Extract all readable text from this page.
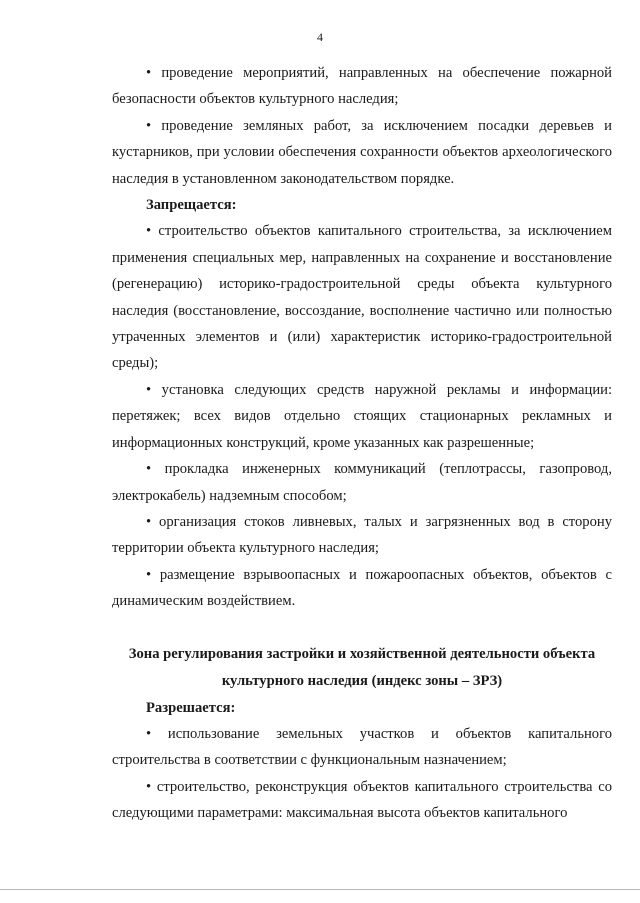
4

• проведение мероприятий, направленных на обеспечение пожарной безопасности объектов культурного наследия;

• проведение земляных работ, за исключением посадки деревьев и кустарников, при условии обеспечения сохранности объектов археологического наследия в установленном законодательством порядке.

Запрещается:

• строительство объектов капитального строительства, за исключением применения специальных мер, направленных на сохранение и восстановление (регенерацию) историко-градостроительной среды объекта культурного наследия (восстановление, воссоздание, восполнение частично или полностью утраченных элементов и (или) характеристик историко-градостроительной среды);

• установка следующих средств наружной рекламы и информации: перетяжек; всех видов отдельно стоящих стационарных рекламных и информационных конструкций, кроме указанных как разрешенные;

• прокладка инженерных коммуникаций (теплотрассы, газопровод, электрокабель) надземным способом;

• организация стоков ливневых, талых и загрязненных вод в сторону территории объекта культурного наследия;

• размещение взрывоопасных и пожароопасных объектов, объектов с динамическим воздействием.

Зона регулирования застройки и хозяйственной деятельности объекта
культурного наследия (индекс зоны – ЗРЗ)

Разрешается:

• использование земельных участков и объектов капитального строительства в соответствии с функциональным назначением;

• строительство, реконструкция объектов капитального строительства со следующими параметрами: максимальная высота объектов капитального
